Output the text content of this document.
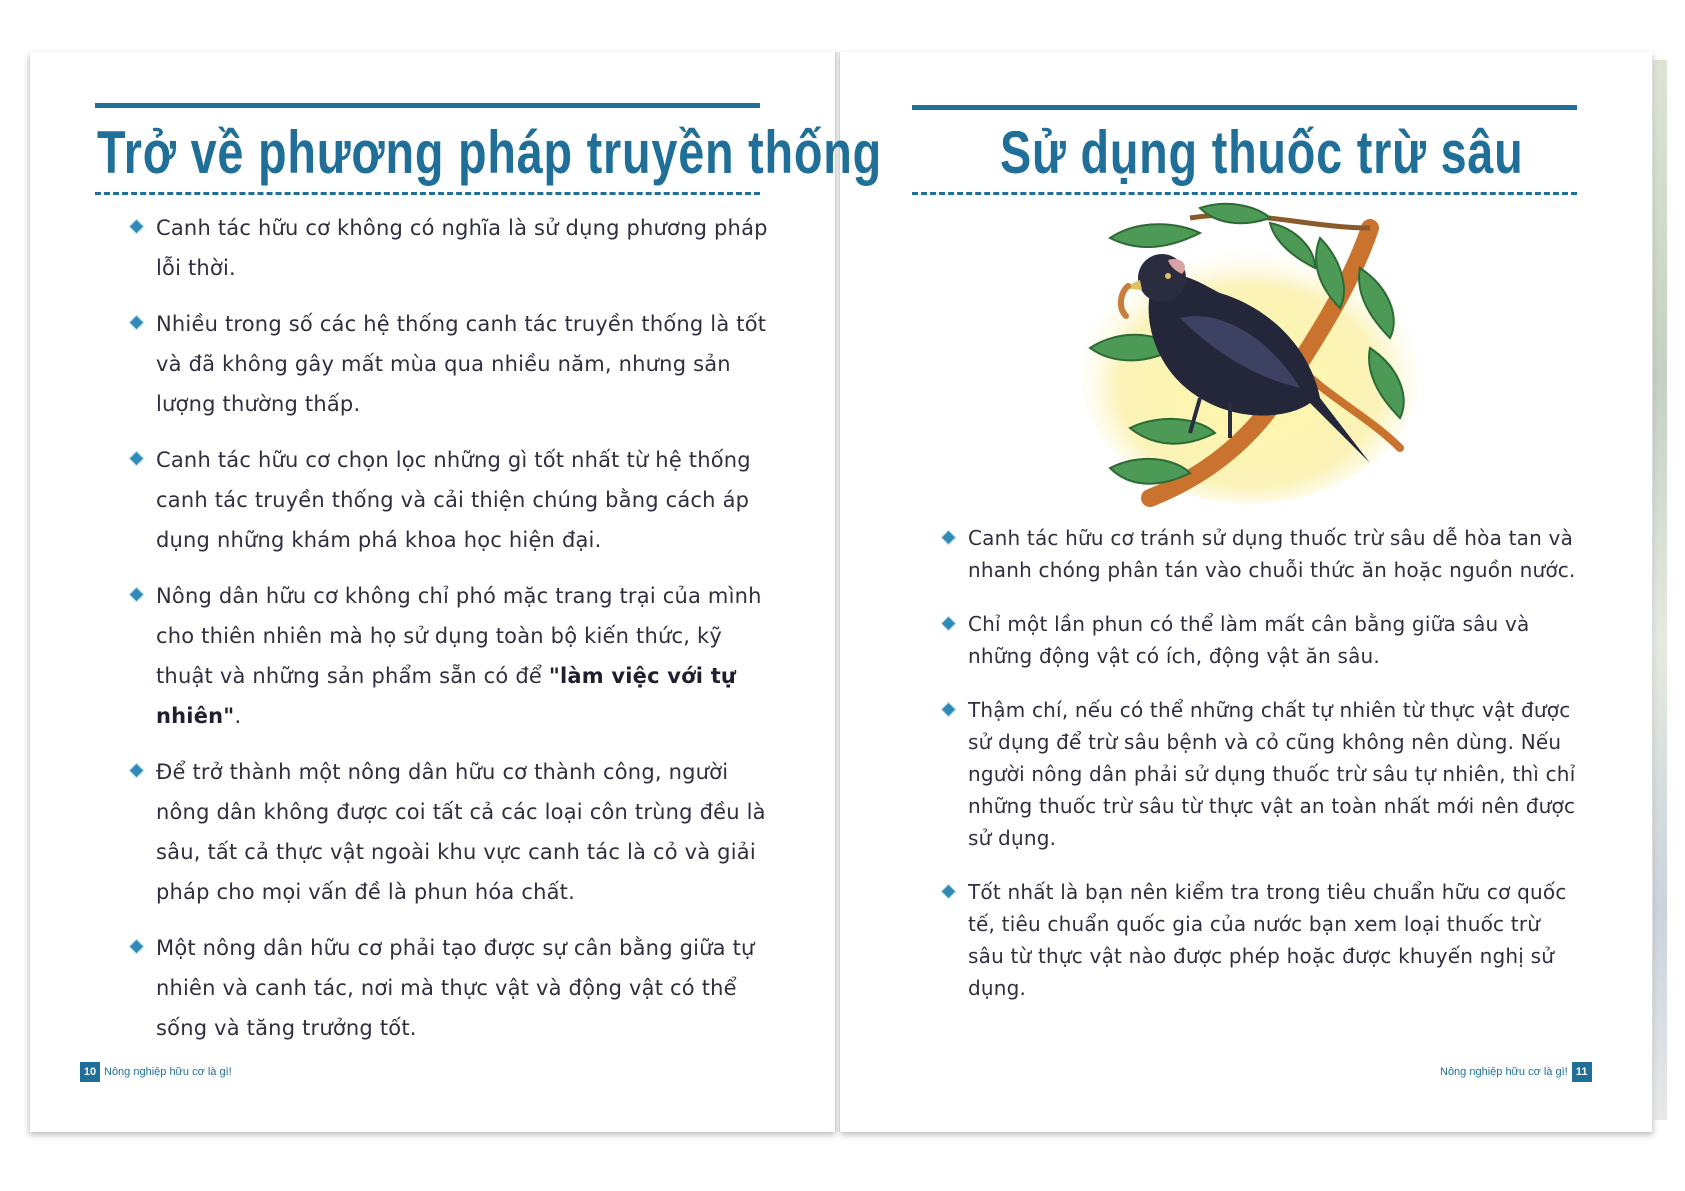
Trở về phương pháp truyền thống
Canh tác hữu cơ không có nghĩa là sử dụng phương pháp lỗi thời.
Nhiều trong số các hệ thống canh tác truyền thống là tốt và đã không gây mất mùa qua nhiều năm, nhưng sản lượng thường thấp.
Canh tác hữu cơ chọn lọc những gì tốt nhất từ hệ thống canh tác truyền thống và cải thiện chúng bằng cách áp dụng những khám phá khoa học hiện đại.
Nông dân hữu cơ không chỉ phó mặc trang trại của mình cho thiên nhiên mà họ sử dụng toàn bộ kiến thức, kỹ thuật và những sản phẩm sẵn có để "làm việc với tự nhiên".
Để trở thành một nông dân hữu cơ thành công, người nông dân không được coi tất cả các loại côn trùng đều là sâu, tất cả thực vật ngoài khu vực canh tác là cỏ và giải pháp cho mọi vấn đề là phun hóa chất.
Một nông dân hữu cơ phải tạo được sự cân bằng giữa tự nhiên và canh tác, nơi mà thực vật và động vật có thể sống và tăng trưởng tốt.
10 Nông nghiệp hữu cơ là gì!
Sử dụng thuốc trừ sâu
Canh tác hữu cơ tránh sử dụng thuốc trừ sâu dễ hòa tan và nhanh chóng phân tán vào chuỗi thức ăn hoặc nguồn nước.
Chỉ một lần phun có thể làm mất cân bằng giữa sâu và những động vật có ích, động vật ăn sâu.
Thậm chí, nếu có thể những chất tự nhiên từ thực vật được sử dụng để trừ sâu bệnh và cỏ cũng không nên dùng. Nếu người nông dân phải sử dụng thuốc trừ sâu tự nhiên, thì chỉ những thuốc trừ sâu từ thực vật an toàn nhất mới nên được sử dụng.
Tốt nhất là bạn nên kiểm tra trong tiêu chuẩn hữu cơ quốc tế, tiêu chuẩn quốc gia của nước bạn xem loại thuốc trừ sâu từ thực vật nào được phép hoặc được khuyến nghị sử dụng.
Nông nghiệp hữu cơ là gì! 11
